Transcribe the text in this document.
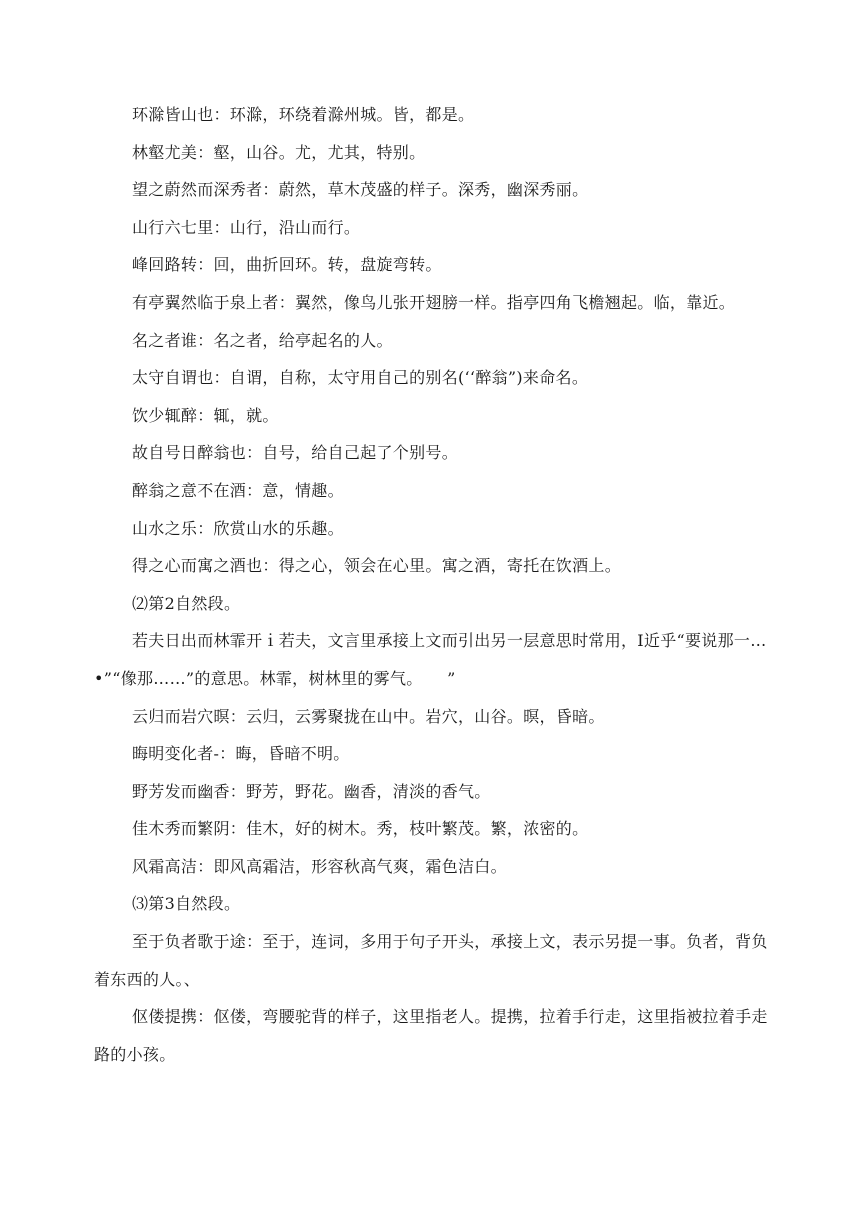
环滁皆山也：环滁，环绕着滁州城。皆，都是。

林壑尤美：壑，山谷。尤，尤其，特别。

望之蔚然而深秀者：蔚然，草木茂盛的样子。深秀，幽深秀丽。

山行六七里：山行，沿山而行。

峰回路转：回，曲折回环。转，盘旋弯转。

有亭翼然临于泉上者：翼然，像鸟儿张开翅膀一样。指亭四角飞檐翘起。临，靠近。

名之者谁：名之者，给亭起名的人。

太守自谓也：自谓，自称，太守用自己的别名(‘‘醉翁”)来命名。

饮少辄醉：辄，就。

故自号日醉翁也：自号，给自己起了个别号。

醉翁之意不在酒：意，情趣。

山水之乐：欣赏山水的乐趣。

得之心而寓之酒也：得之心，领会在心里。寓之酒，寄托在饮酒上。

⑵第2自然段。

若夫日出而林霏开ｉ若夫，文言里承接上文而引出另一层意思时常用，I近乎“要说那一…•”“像那……”的意思。林霏，树林里的雾气。　　”

云归而岩穴暝：云归，云雾聚拢在山中。岩穴，山谷。暝，昏暗。

晦明变化者-：晦，昏暗不明。

野芳发而幽香：野芳，野花。幽香，清淡的香气。

佳木秀而繁阴：佳木，好的树木。秀，枝叶繁茂。繁，浓密的。

风霜高洁：即风高霜洁，形容秋高气爽，霜色洁白。

⑶第3自然段。

至于负者歌于途：至于，连词，多用于句子开头，承接上文，表示另提一事。负者，背负着东西的人。、

伛偻提携：伛偻，弯腰驼背的样子，这里指老人。提携，拉着手行走，这里指被拉着手走路的小孩。
